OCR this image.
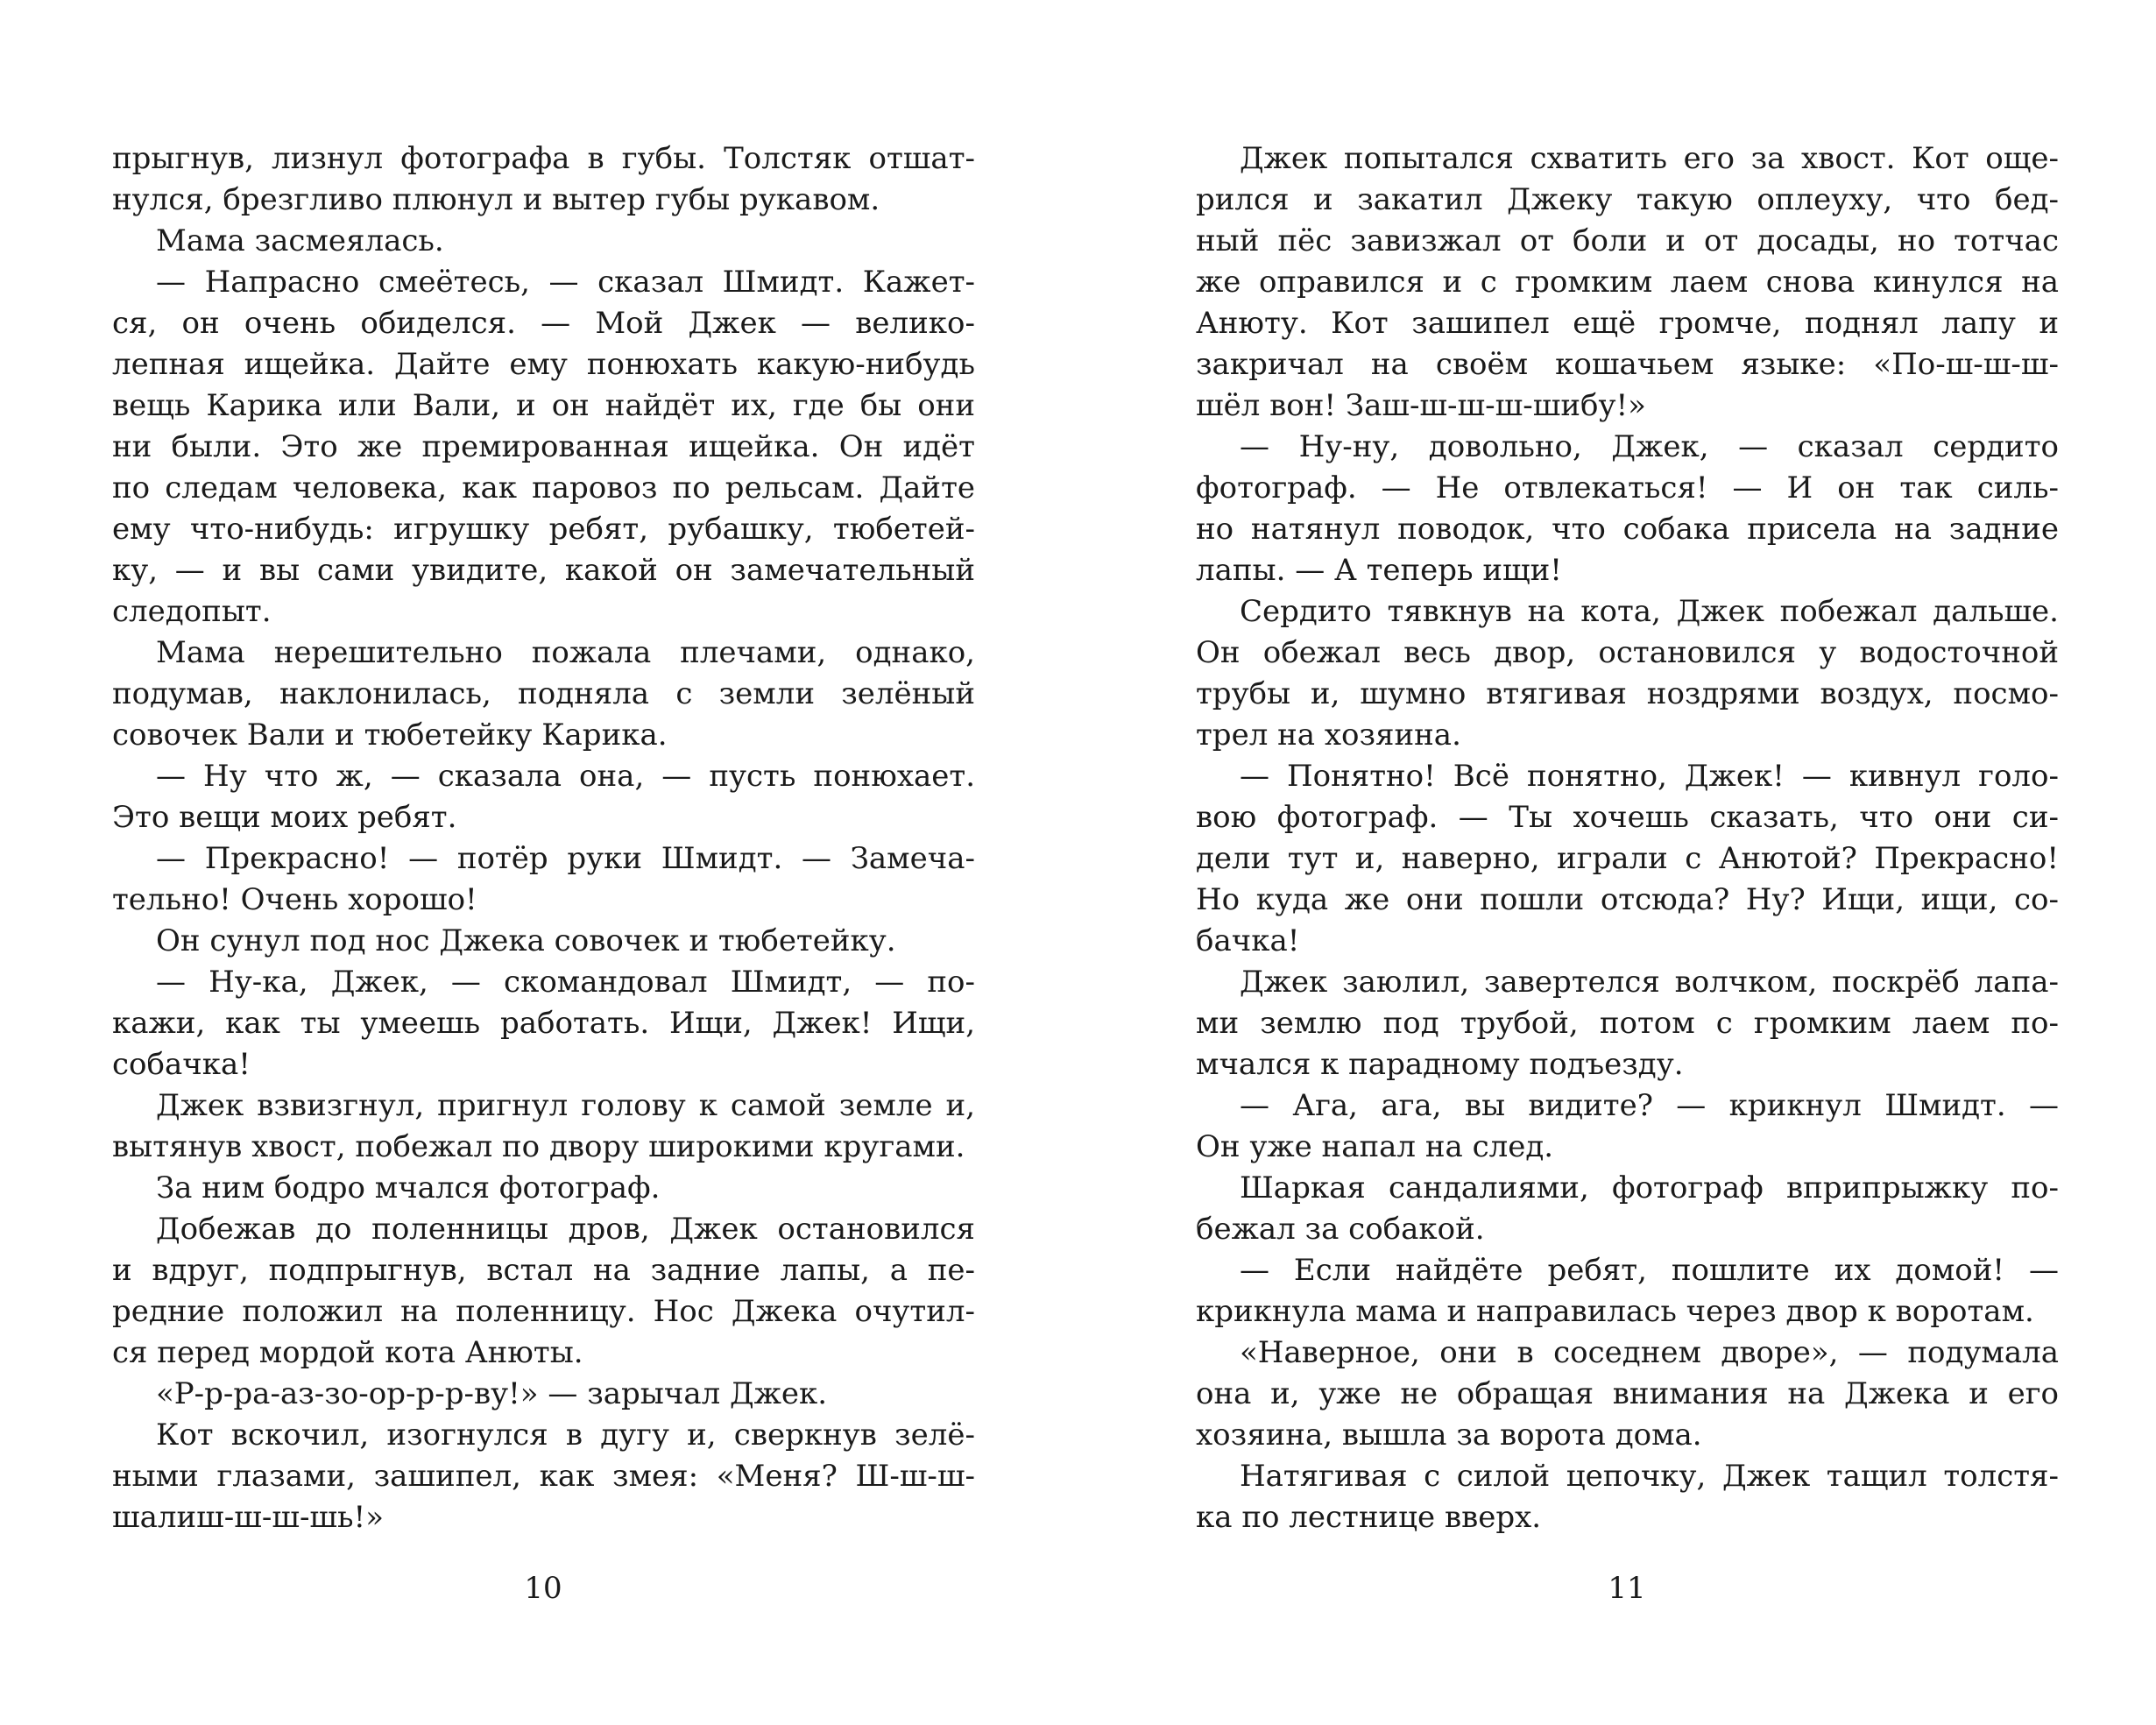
прыгнув, лизнул фотографа в губы. Толстяк отшат-
нулся, брезгливо плюнул и вытер губы рукавом.
Мама засмеялась.
— Напрасно смеётесь, — сказал Шмидт. Кажет-
ся, он очень обиделся. — Мой Джек — велико-
лепная ищейка. Дайте ему понюхать какую-нибудь
вещь Карика или Вали, и он найдёт их, где бы они
ни были. Это же премированная ищейка. Он идёт
по следам человека, как паровоз по рельсам. Дайте
ему что-нибудь: игрушку ребят, рубашку, тюбетей-
ку, — и вы сами увидите, какой он замечательный
следопыт.
Мама нерешительно пожала плечами, однако,
подумав, наклонилась, подняла с земли зелёный
совочек Вали и тюбетейку Карика.
— Ну что ж, — сказала она, — пусть понюхает.
Это вещи моих ребят.
— Прекрасно! — потёр руки Шмидт. — Замеча-
тельно! Очень хорошо!
Он сунул под нос Джека совочек и тюбетейку.
— Ну-ка, Джек, — скомандовал Шмидт, — по-
кажи, как ты умеешь работать. Ищи, Джек! Ищи,
собачка!
Джек взвизгнул, пригнул голову к самой земле и,
вытянув хвост, побежал по двору широкими кругами.
За ним бодро мчался фотограф.
Добежав до поленницы дров, Джек остановился
и вдруг, подпрыгнув, встал на задние лапы, а пе-
редние положил на поленницу. Нос Джека очутил-
ся перед мордой кота Анюты.
«Р-р-ра-аз-зо-ор-р-р-ву!» — зарычал Джек.
Кот вскочил, изогнулся в дугу и, сверкнув зелё-
ными глазами, зашипел, как змея: «Меня? Ш-ш-ш-
шалиш-ш-ш-шь!»
10
Джек попытался схватить его за хвост. Кот още-
рился и закатил Джеку такую оплеуху, что бед-
ный пёс завизжал от боли и от досады, но тотчас
же оправился и с громким лаем снова кинулся на
Анюту. Кот зашипел ещё громче, поднял лапу и
закричал на своём кошачьем языке: «По-ш-ш-ш-
шёл вон! Заш-ш-ш-ш-шибу!»
— Ну-ну, довольно, Джек, — сказал сердито
фотограф. — Не отвлекаться! — И он так силь-
но натянул поводок, что собака присела на задние
лапы. — А теперь ищи!
Сердито тявкнув на кота, Джек побежал дальше.
Он обежал весь двор, остановился у водосточной
трубы и, шумно втягивая ноздрями воздух, посмо-
трел на хозяина.
— Понятно! Всё понятно, Джек! — кивнул голо-
вою фотограф. — Ты хочешь сказать, что они си-
дели тут и, наверно, играли с Анютой? Прекрасно!
Но куда же они пошли отсюда? Ну? Ищи, ищи, со-
бачка!
Джек заюлил, завертелся волчком, поскрёб лапа-
ми землю под трубой, потом с громким лаем по-
мчался к парадному подъезду.
— Ага, ага, вы видите? — крикнул Шмидт. —
Он уже напал на след.
Шаркая сандалиями, фотограф вприпрыжку по-
бежал за собакой.
— Если найдёте ребят, пошлите их домой! —
крикнула мама и направилась через двор к воротам.
«Наверное, они в соседнем дворе», — подумала
она и, уже не обращая внимания на Джека и его
хозяина, вышла за ворота дома.
Натягивая с силой цепочку, Джек тащил толстя-
ка по лестнице вверх.
11
